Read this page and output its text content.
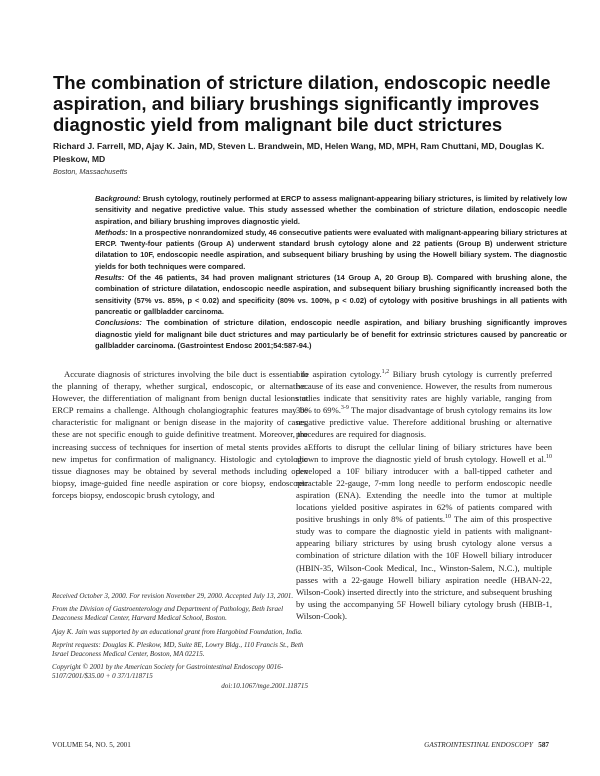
The combination of stricture dilation, endoscopic needle aspiration, and biliary brushings significantly improves diagnostic yield from malignant bile duct strictures

Richard J. Farrell, MD, Ajay K. Jain, MD, Steven L. Brandwein, MD, Helen Wang, MD, MPH, Ram Chuttani, MD, Douglas K. Pleskow, MD

Boston, Massachusetts

Background: Brush cytology, routinely performed at ERCP to assess malignant-appearing biliary strictures, is limited by relatively low sensitivity and negative predictive value. This study assessed whether the combination of stricture dilation, endoscopic needle aspiration, and biliary brushing improves diagnostic yield.

Methods: In a prospective nonrandomized study, 46 consecutive patients were evaluated with malignant-appearing biliary strictures at ERCP. Twenty-four patients (Group A) underwent standard brush cytology alone and 22 patients (Group B) underwent stricture dilatation to 10F, endoscopic needle aspiration, and subsequent biliary brushing by using the Howell biliary system. The diagnostic yields for both techniques were compared.

Results: Of the 46 patients, 34 had proven malignant strictures (14 Group A, 20 Group B). Compared with brushing alone, the combination of stricture dilatation, endoscopic needle aspiration, and subsequent biliary brushing significantly increased both the sensitivity (57% vs. 85%, p < 0.02) and specificity (80% vs. 100%, p < 0.02) of cytology with positive brushings in all patients with pancreatic or gallbladder carcinoma.

Conclusions: The combination of stricture dilation, endoscopic needle aspiration, and biliary brushing significantly improves diagnostic yield for malignant bile duct strictures and may particularly be of benefit for extrinsic strictures caused by pancreatic or gallbladder carcinoma. (Gastrointest Endosc 2001;54:587-94.)

Accurate diagnosis of strictures involving the bile duct is essential to the planning of therapy, whether surgical, endoscopic, or alternative. However, the differentiation of malignant from benign ductal lesions at ERCP remains a challenge. Although cholangiographic features may be characteristic for malignant or benign disease in the majority of cases, these are not specific enough to guide definitive treatment. Moreover, the increasing success of techniques for insertion of metal stents provides a new impetus for confirmation of malignancy. Histologic and cytologic tissue diagnoses may be obtained by several methods including open biopsy, image-guided fine needle aspiration or core biopsy, endoscopic forceps biopsy, endoscopic brush cytology, and

Received October 3, 2000. For revision November 29, 2000. Accepted July 13, 2001.

From the Division of Gastroenterology and Department of Pathology, Beth Israel Deaconess Medical Center, Harvard Medical School, Boston.

Ajay K. Jain was supported by an educational grant from Hargobind Foundation, India.

Reprint requests: Douglas K. Pleskow, MD, Suite 8E, Lowry Bldg., 110 Francis St., Beth Israel Deaconess Medical Center, Boston, MA 02215.

Copyright © 2001 by the American Society for Gastrointestinal Endoscopy 0016-5107/2001/$35.00 + 0 37/1/118715

doi:10.1067/mge.2001.118715

bile aspiration cytology.$^{1,2}$ Biliary brush cytology is currently preferred because of its ease and convenience. However, the results from numerous studies indicate that sensitivity rates are highly variable, ranging from 30% to 69%.$^{3-9}$ The major disadvantage of brush cytology remains its low negative predictive value. Therefore additional brushing or alternative procedures are required for diagnosis.

Efforts to disrupt the cellular lining of biliary strictures have been shown to improve the diagnostic yield of brush cytology. Howell et al.$^{10}$ developed a 10F biliary introducer with a ball-tipped catheter and retractable 22-gauge, 7-mm long needle to perform endoscopic needle aspiration (ENA). Extending the needle into the tumor at multiple locations yielded positive aspirates in 62% of patients compared with positive brushings in only 8% of patients.$^{10}$ The aim of this prospective study was to compare the diagnostic yield in patients with malignant-appearing biliary strictures by using brush cytology alone versus a combination of stricture dilation with the 10F Howell biliary introducer (HBIN-35, Wilson-Cook Medical, Inc., Winston-Salem, N.C.), multiple passes with a 22-gauge Howell biliary aspiration needle (HBAN-22, Wilson-Cook) inserted directly into the stricture, and subsequent brushing by using the accompanying 5F Howell biliary cytology brush (HBIB-1, Wilson-Cook).

VOLUME 54, NO. 5, 2001	GASTROINTESTINAL ENDOSCOPY 587
